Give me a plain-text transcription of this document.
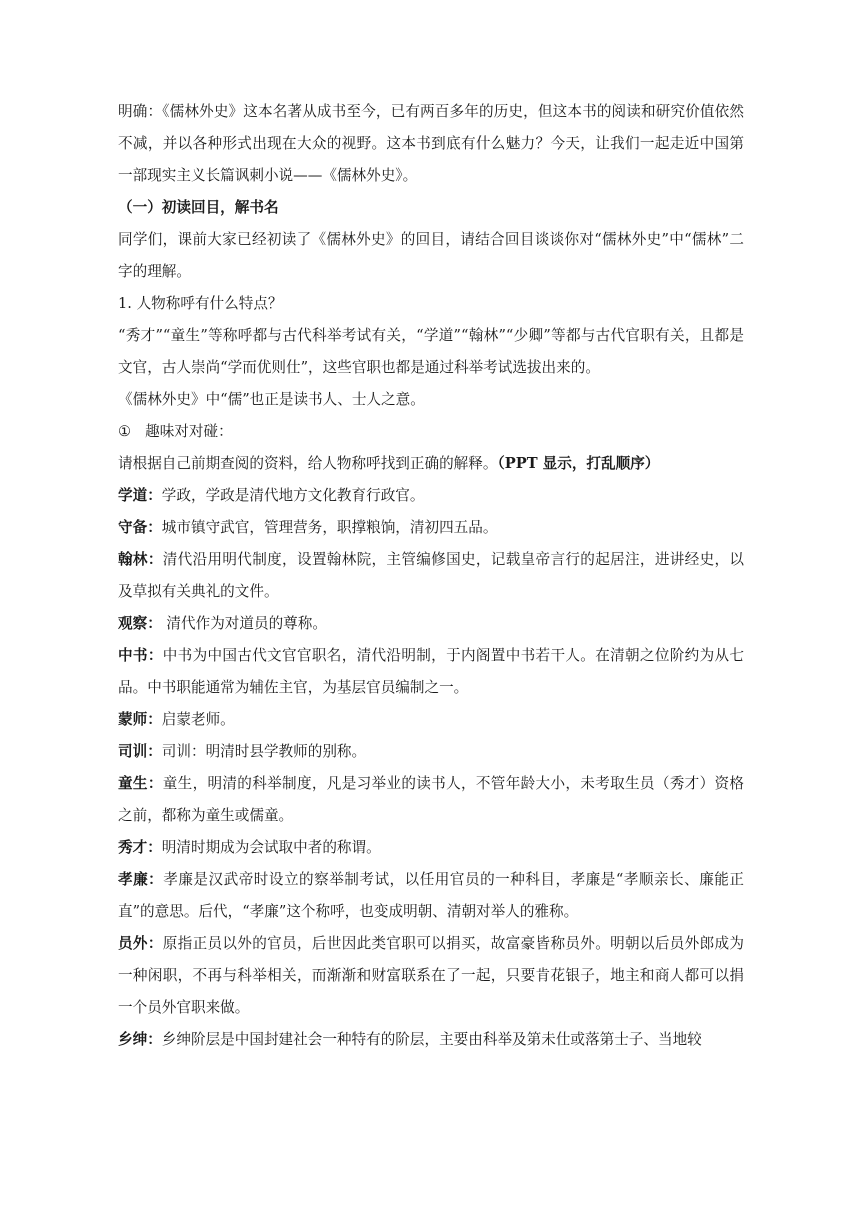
明确：《儒林外史》这本名著从成书至今，已有两百多年的历史，但这本书的阅读和研究价值依然不减，并以各种形式出现在大众的视野。这本书到底有什么魅力？今天，让我们一起走近中国第一部现实主义长篇讽刺小说——《儒林外史》。

（一）初读回目，解书名

同学们，课前大家已经初读了《儒林外史》的回目，请结合回目谈谈你对“儒林外史”中“儒林”二字的理解。

1. 人物称呼有什么特点？

“秀才”“童生”等称呼都与古代科举考试有关，“学道”“翰林”“少卿”等都与古代官职有关，且都是文官，古人崇尚“学而优则仕”，这些官职也都是通过科举考试选拔出来的。

《儒林外史》中“儒”也正是读书人、士人之意。

① 趣味对对碰：

请根据自己前期查阅的资料，给人物称呼找到正确的解释。（PPT 显示，打乱顺序）

学道：学政，学政是清代地方文化教育行政官。

守备：城市镇守武官，管理营务，职撑粮饷，清初四五品。

翰林：清代沿用明代制度，设置翰林院，主管编修国史，记载皇帝言行的起居注，进讲经史，以及草拟有关典礼的文件。

观察： 清代作为对道员的尊称。

中书：中书为中国古代文官官职名，清代沿明制，于内阁置中书若干人。在清朝之位阶约为从七品。中书职能通常为辅佐主官，为基层官员编制之一。

蒙师：启蒙老师。

司训：司训：明清时县学教师的别称。

童生：童生，明清的科举制度，凡是习举业的读书人，不管年龄大小，未考取生员（秀才）资格之前，都称为童生或儒童。

秀才：明清时期成为会试取中者的称谓。

孝廉：孝廉是汉武帝时设立的察举制考试，以任用官员的一种科目，孝廉是“孝顺亲长、廉能正直”的意思。后代，“孝廉”这个称呼，也变成明朝、清朝对举人的雅称。

员外：原指正员以外的官员，后世因此类官职可以捐买，故富豪皆称员外。明朝以后员外郎成为一种闲职，不再与科举相关，而渐渐和财富联系在了一起，只要肯花银子，地主和商人都可以捐一个员外官职来做。

乡绅：乡绅阶层是中国封建社会一种特有的阶层，主要由科举及第未仕或落第士子、当地较
